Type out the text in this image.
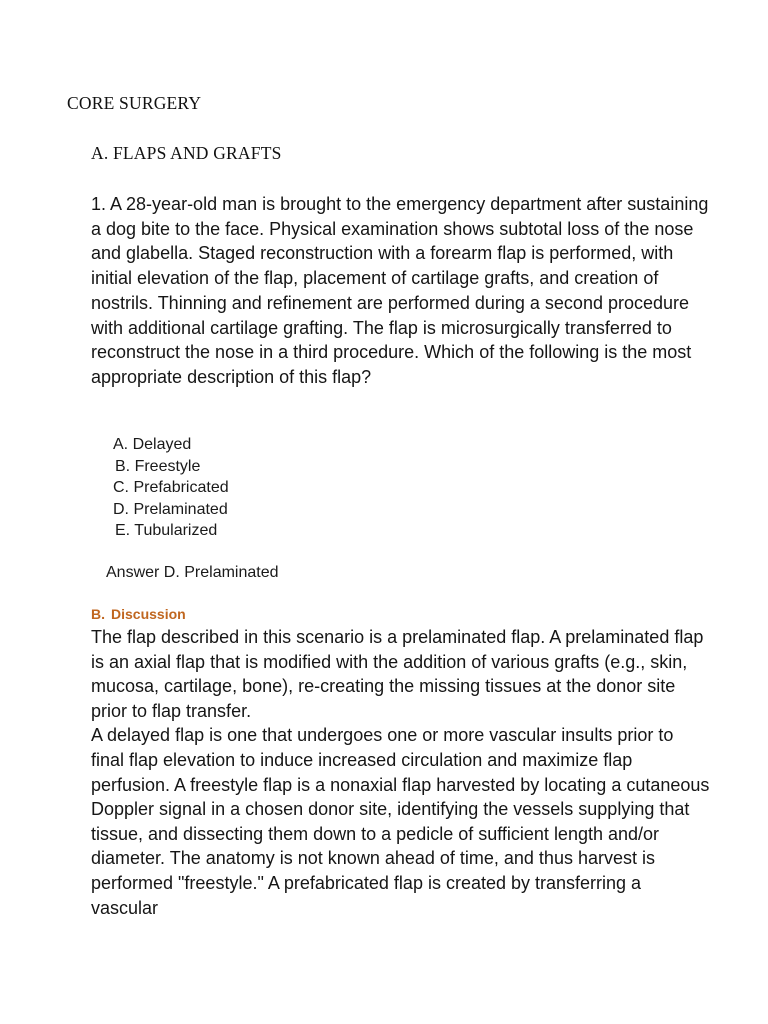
CORE SURGERY
A. FLAPS AND GRAFTS

1. A 28-year-old man is brought to the emergency department after sustaining a dog bite to the face. Physical examination shows subtotal loss of the nose and glabella. Staged reconstruction with a forearm flap is performed, with initial elevation of the flap, placement of cartilage grafts, and creation of nostrils. Thinning and refinement are performed during a second procedure with additional cartilage grafting. The flap is microsurgically transferred to reconstruct the nose in a third procedure. Which of the following is the most appropriate description of this flap?

A. Delayed
B. Freestyle
C. Prefabricated
D. Prelaminated
E. Tubularized
Answer D. Prelaminated
B. Discussion

The flap described in this scenario is a prelaminated flap. A prelaminated flap is an axial flap that is modified with the addition of various grafts (e.g., skin, mucosa, cartilage, bone), re-creating the missing tissues at the donor site prior to flap transfer.

A delayed flap is one that undergoes one or more vascular insults prior to final flap elevation to induce increased circulation and maximize flap perfusion. A freestyle flap is a nonaxial flap harvested by locating a cutaneous Doppler signal in a chosen donor site, identifying the vessels supplying that tissue, and dissecting them down to a pedicle of sufficient length and/or diameter. The anatomy is not known ahead of time, and thus harvest is performed "freestyle." A prefabricated flap is created by transferring a vascular
